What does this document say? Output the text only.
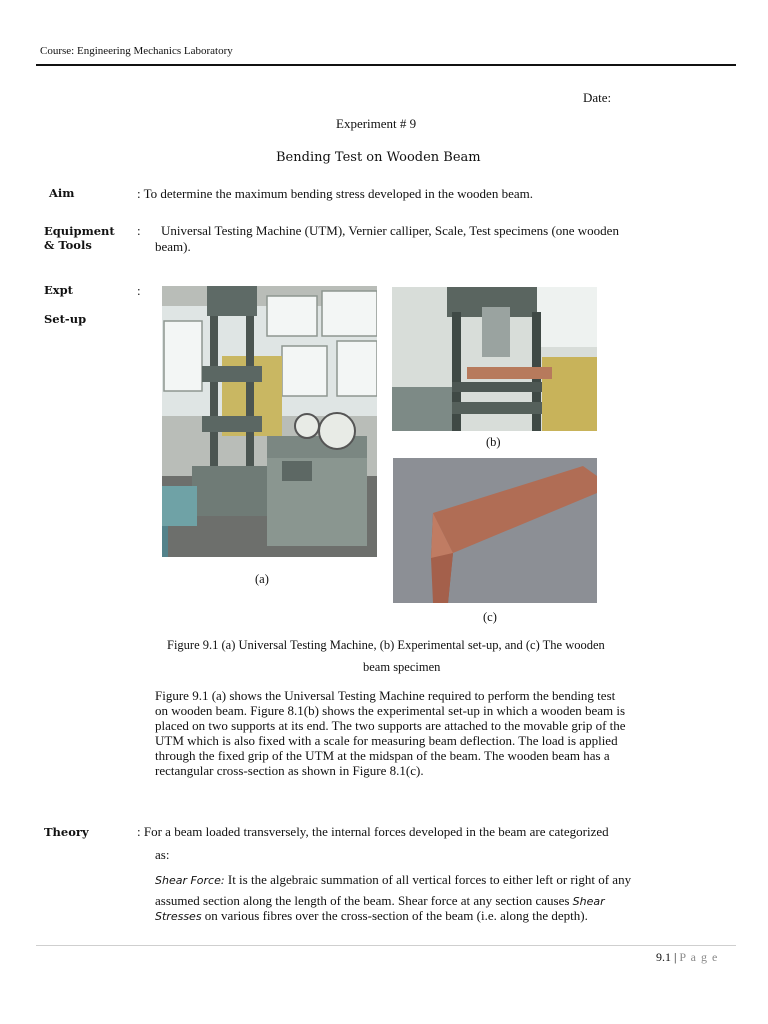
Course: Engineering Mechanics Laboratory
Date:
Experiment # 9
Bending Test on Wooden Beam
Aim	: To determine the maximum bending stress developed in the wooden beam.
Equipment
& Tools
: Universal Testing Machine (UTM), Vernier calliper, Scale, Test specimens (one wooden
beam).
Expt
Set-up
:
(b)
(a)
(c)
Figure 9.1 (a) Universal Testing Machine, (b) Experimental set-up, and (c) The wooden
beam specimen
Figure 9.1 (a) shows the Universal Testing Machine required to perform the bending test
on wooden beam. Figure 8.1(b) shows the experimental set-up in which a wooden beam is
placed on two supports at its end. The two supports are attached to the movable grip of the
UTM which is also fixed with a scale for measuring beam deflection. The load is applied
through the fixed grip of the UTM at the midspan of the beam. The wooden beam has a
rectangular cross-section as shown in Figure 8.1(c).
Theory	: For a beam loaded transversely, the internal forces developed in the beam are categorized
as:
Shear Force: It is the algebraic summation of all vertical forces to either left or right of any
assumed section along the length of the beam. Shear force at any section causes Shear
Stresses on various fibres over the cross-section of the beam (i.e. along the depth).
9.1 | P a g e
